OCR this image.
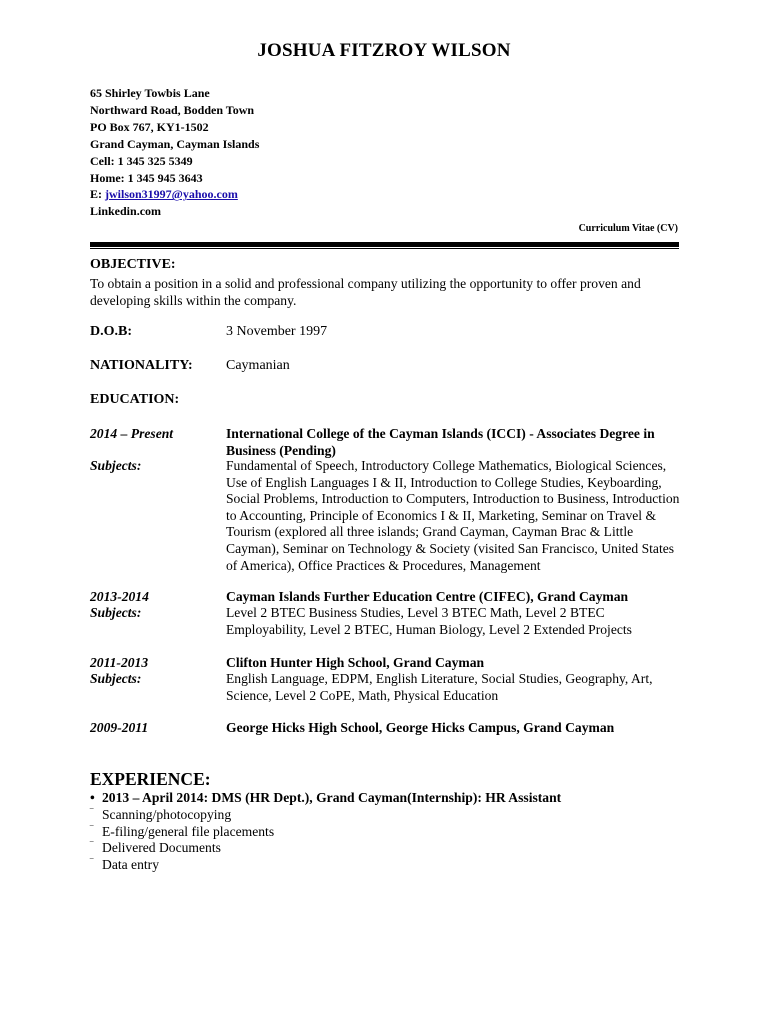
JOSHUA FITZROY WILSON
65 Shirley Towbis Lane
Northward Road, Bodden Town
PO Box 767, KY1-1502
Grand Cayman, Cayman Islands
Cell: 1 345 325 5349
Home: 1 345 945 3643
E: jwilson31997@yahoo.com
Linkedin.com
Curriculum Vitae (CV)
OBJECTIVE:
To obtain a position in a solid and professional company utilizing the opportunity to offer proven and developing skills within the company.
D.O.B:	3 November 1997
NATIONALITY: Caymanian
EDUCATION:
2014 – Present	International College of the Cayman Islands (ICCI) - Associates Degree in Business (Pending)
Subjects:	Fundamental of Speech, Introductory College Mathematics, Biological Sciences, Use of English Languages I & II, Introduction to College Studies, Keyboarding, Social Problems, Introduction to Computers, Introduction to Business, Introduction to Accounting, Principle of Economics I & II, Marketing, Seminar on Travel & Tourism (explored all three islands; Grand Cayman, Cayman Brac & Little Cayman), Seminar on Technology & Society (visited San Francisco, United States of America), Office Practices & Procedures, Management
2013-2014	Cayman Islands Further Education Centre (CIFEC), Grand Cayman
Subjects:	Level 2 BTEC Business Studies, Level 3 BTEC Math, Level 2 BTEC Employability, Level 2 BTEC, Human Biology, Level 2 Extended Projects
2011-2013	Clifton Hunter High School, Grand Cayman
Subjects:	English Language, EDPM, English Literature, Social Studies, Geography, Art, Science, Level 2 CoPE, Math, Physical Education
2009-2011	George Hicks High School, George Hicks Campus, Grand Cayman
EXPERIENCE:
• 2013 – April 2014: DMS (HR Dept.), Grand Cayman(Internship): HR Assistant
‾ Scanning/photocopying
‾ E-filing/general file placements
‾ Delivered Documents
‾ Data entry
